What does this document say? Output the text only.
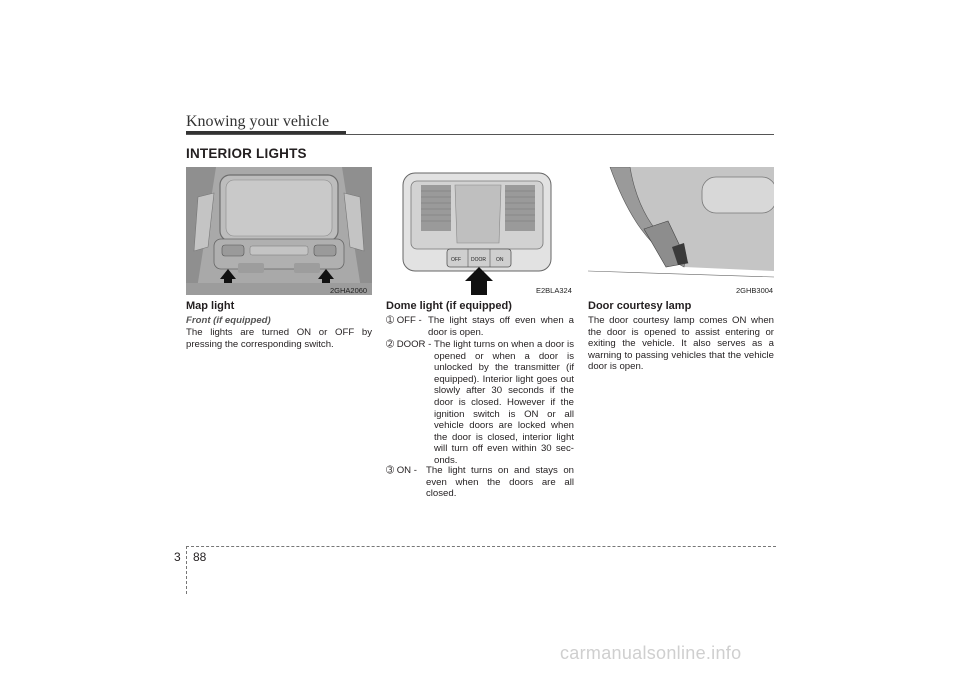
Knowing your vehicle
INTERIOR LIGHTS
2GHA2060
OFF DOOR ON
E2BLA324	2GHB3004
Map light
Front (if equipped)
The lights are turned ON or OFF by pressing the corresponding switch.
Dome light (if equipped)
➀ OFF - The light stays off even when a door is open.
➁ DOOR - The light turns on when a door is opened or when a door is unlocked by the transmitter (if equipped). Interior light goes out slowly after 30 seconds if the door is closed. However if the ignition switch is ON or all vehicle doors are locked when the door is closed, interior light will turn off even within 30 sec-onds.
➂ ON - The light turns on and stays on even when the doors are all closed.
Door courtesy lamp
The door courtesy lamp comes ON when the door is opened to assist entering or exiting the vehicle. It also serves as a warning to passing vehicles that the vehicle door is open.
3 88
carmanualsonline.info
